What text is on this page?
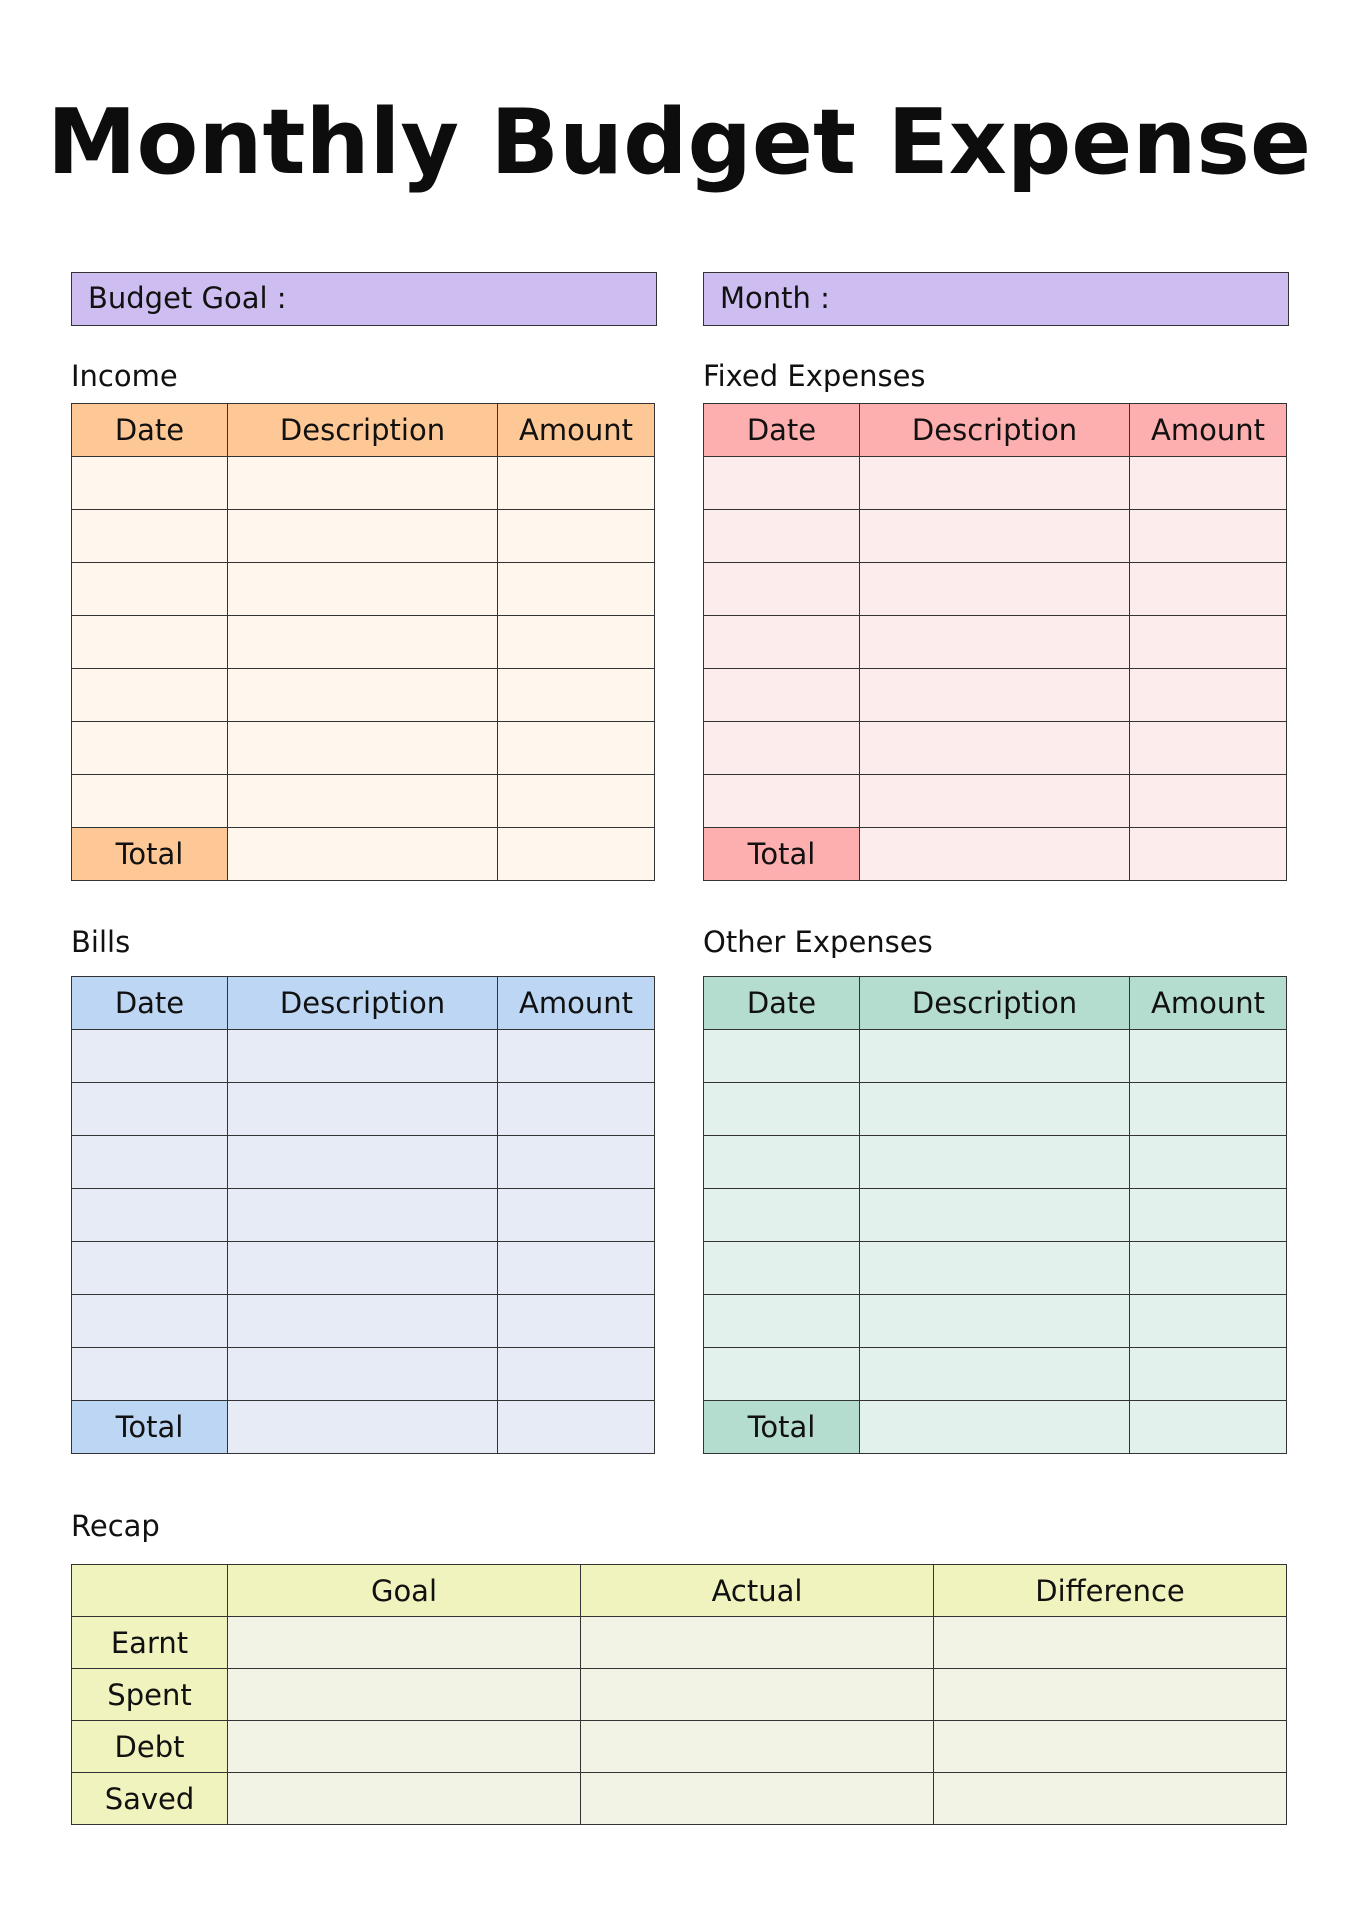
Monthly Budget Expense
Budget Goal :	Month :
Income
Date	Description	Amount

Total		
Fixed Expenses
Date	Description	Amount

Total		
Bills
Date	Description	Amount

Total		
Other Expenses
Date	Description	Amount

Total		
Recap
	Goal	Actual	Difference
Earnt			
Spent			
Debt			
Saved			
